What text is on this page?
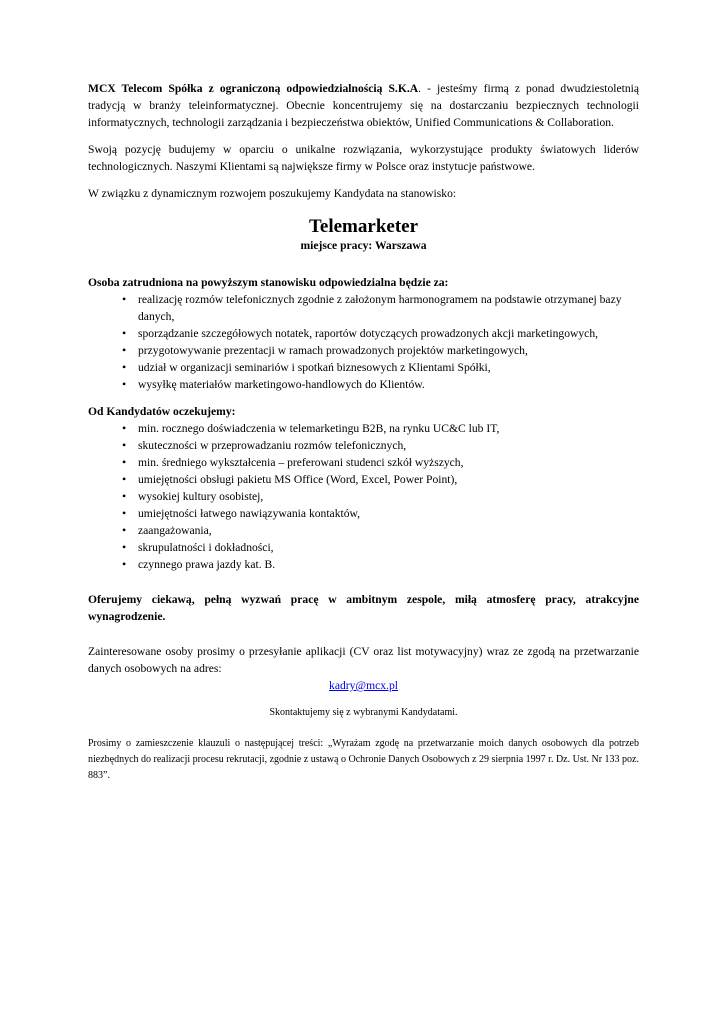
MCX Telecom Spółka z ograniczoną odpowiedzialnością S.K.A. - jesteśmy firmą z ponad dwudziestoletnią tradycją w branży teleinformatycznej. Obecnie koncentrujemy się na dostarczaniu bezpiecznych technologii informatycznych, technologii zarządzania i bezpieczeństwa obiektów, Unified Communications & Collaboration.

Swoją pozycję budujemy w oparciu o unikalne rozwiązania, wykorzystujące produkty światowych liderów technologicznych. Naszymi Klientami są największe firmy w Polsce oraz instytucje państwowe.

W związku z dynamicznym rozwojem poszukujemy Kandydata na stanowisko:

Telemarketer
miejsce pracy: Warszawa
Osoba zatrudniona na powyższym stanowisku odpowiedzialna będzie za:
• realizację rozmów telefonicznych zgodnie z założonym harmonogramem na podstawie otrzymanej bazy danych,
• sporządzanie szczegółowych notatek, raportów dotyczących prowadzonych akcji marketingowych,
• przygotowywanie prezentacji w ramach prowadzonych projektów marketingowych,
• udział w organizacji seminariów i spotkań biznesowych z Klientami Spółki,
• wysyłkę materiałów marketingowo-handlowych do Klientów.
Od Kandydatów oczekujemy:
• min. rocznego doświadczenia w telemarketingu B2B, na rynku UC&C lub IT,
• skuteczności w przeprowadzaniu rozmów telefonicznych,
• min. średniego wykształcenia – preferowani studenci szkół wyższych,
• umiejętności obsługi pakietu MS Office (Word, Excel, Power Point),
• wysokiej kultury osobistej,
• umiejętności łatwego nawiązywania kontaktów,
• zaangażowania,
• skrupulatności i dokładności,
• czynnego prawa jazdy kat. B.

Oferujemy ciekawą, pełną wyzwań pracę w ambitnym zespole, miłą atmosferę pracy, atrakcyjne wynagrodzenie.

Zainteresowane osoby prosimy o przesyłanie aplikacji (CV oraz list motywacyjny) wraz ze zgodą na przetwarzanie danych osobowych na adres:

kadry@mcx.pl
Skontaktujemy się z wybranymi Kandydatami.

Prosimy o zamieszczenie klauzuli o następującej treści: „Wyrażam zgodę na przetwarzanie moich danych osobowych dla potrzeb niezbędnych do realizacji procesu rekrutacji, zgodnie z ustawą o Ochronie Danych Osobowych z 29 sierpnia 1997 r. Dz. Ust. Nr 133 poz. 883”.
